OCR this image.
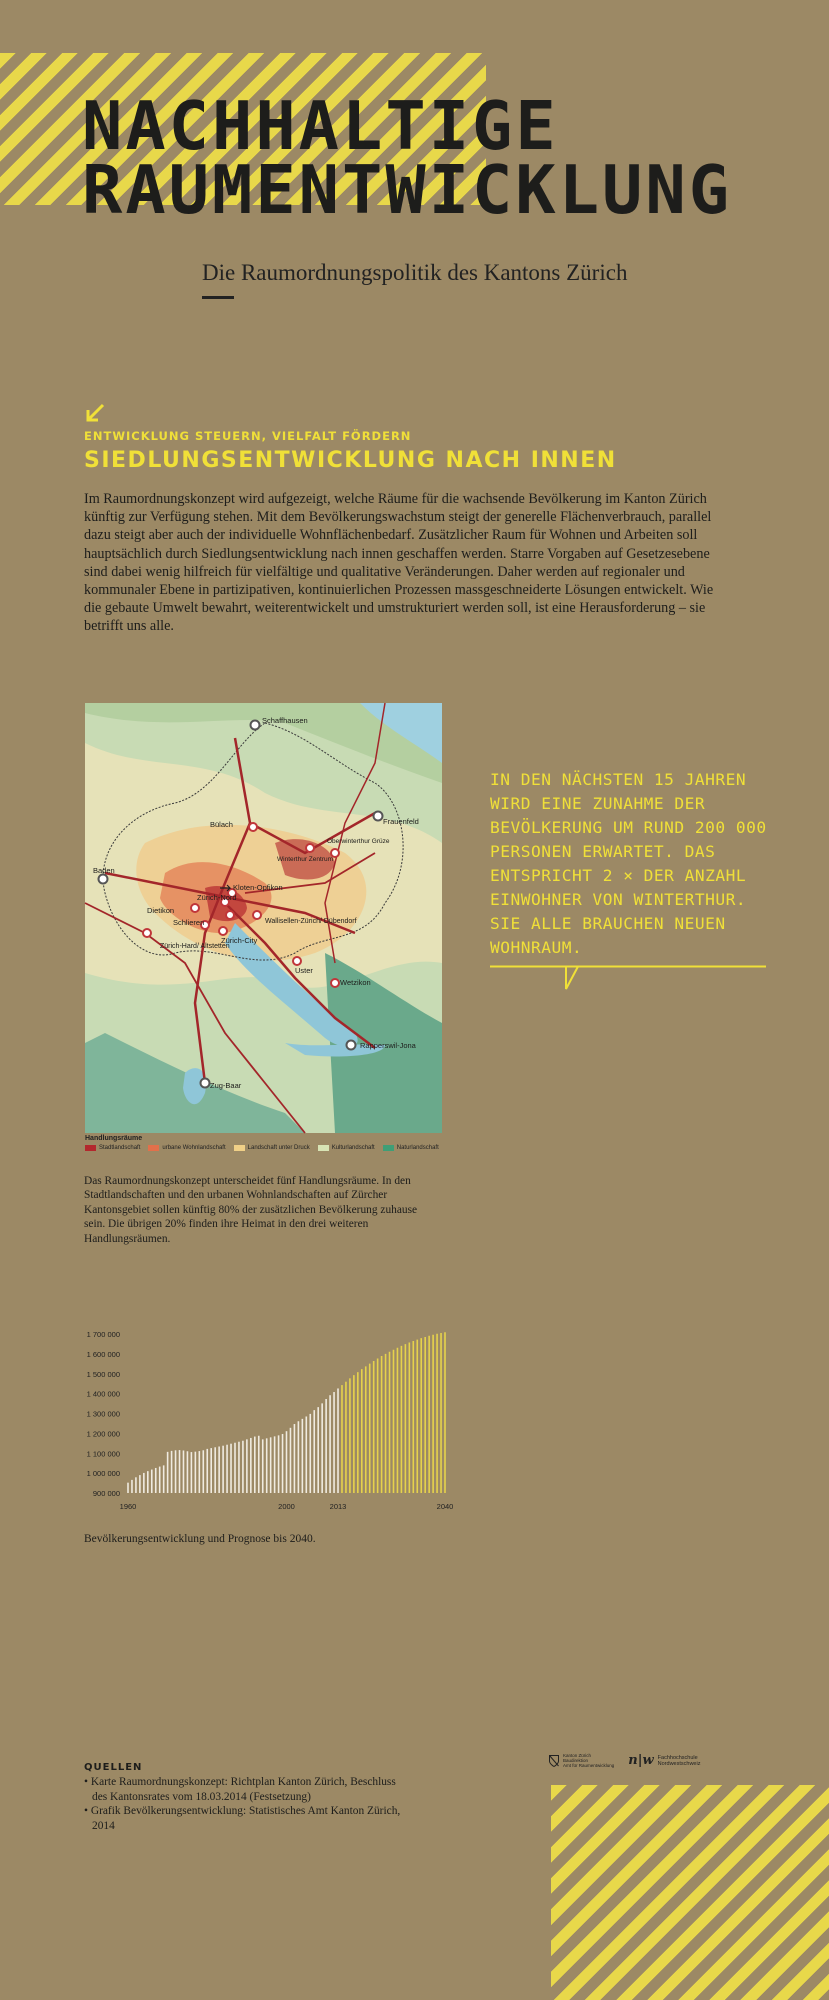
NACHHALTIGE
RAUMENTWICKLUNG
Die Raumordnungspolitik des Kantons Zürich
ENTWICKLUNG STEUERN, VIELFALT FÖRDERN
SIEDLUNGSENTWICKLUNG NACH INNEN

Im Raumordnungskonzept wird aufgezeigt, welche Räume für die wachsende Bevölkerung im Kanton Zürich künftig zur Verfügung stehen. Mit dem Bevölkerungswachstum steigt der generelle Flächenverbrauch, parallel dazu steigt aber auch der individuelle Wohnflächenbedarf. Zusätzlicher Raum für Wohnen und Arbeiten soll hauptsächlich durch Siedlungsentwicklung nach innen geschaffen werden. Starre Vorgaben auf Gesetzesebene sind dabei wenig hilfreich für vielfältige und qualitative Veränderungen. Daher werden auf regionaler und kommunaler Ebene in partizipativen, kontinuierlichen Prozessen massgeschneiderte Lösungen entwickelt. Wie die gebaute Umwelt bewahrt, weiterentwickelt und umstrukturiert werden soll, ist eine Herausforderung – sie betrifft uns alle.

Schaffhausen
Frauenfeld
Bülach
Winterthur Zentrum
Oberwinterthur Grüze
Baden
Kloten-Opfikon
Zürich-Nord
Dietikon
Schlieren	Wallisellen-Zürich/ Dübendorf
Zürich-Hard/ Altstetten
Zürich-City
Uster
Wetzikon
Rapperswil-Jona
Zug-Baar
Handlungsräume
Stadtlandschaft	urbane Wohnlandschaft	Landschaft unter Druck	Kulturlandschaft	Naturlandschaft

Das Raumordnungskonzept unterscheidet fünf Handlungsräume. In den Stadtlandschaften und den urbanen Wohnlandschaften auf Zürcher Kantonsgebiet sollen künftig 80% der zusätzlichen Bevölkerung zuhause sein. Die übrigen 20% finden ihre Heimat in den drei weiteren Handlungsräumen.

IN DEN NÄCHSTEN 15 JAHREN WIRD EINE ZUNAHME DER BEVÖLKERUNG UM RUND 200 000 PERSONEN ERWARTET. DAS ENTSPRICHT 2 × DER ANZAHL EINWOHNER VON WINTERTHUR. SIE ALLE BRAUCHEN NEUEN WOHNRAUM.

900 000
1 000 000
1 100 000
1 200 000
1 300 000
1 400 000
1 500 000
1 600 000
1 700 000
1960	2000	2013	2040
Bevölkerungsentwicklung und Prognose bis 2040.
QUELLEN
• Karte Raumordnungskonzept: Richtplan Kanton Zürich, Beschluss des Kantonsrates vom 18.03.2014 (Festsetzung)
• Grafik Bevölkerungsentwicklung: Statistisches Amt Kanton Zürich, 2014
Kanton Zürich
Baudirektion
Amt für Raumentwicklung n|w Fachhochschule
Nordwestschweiz
